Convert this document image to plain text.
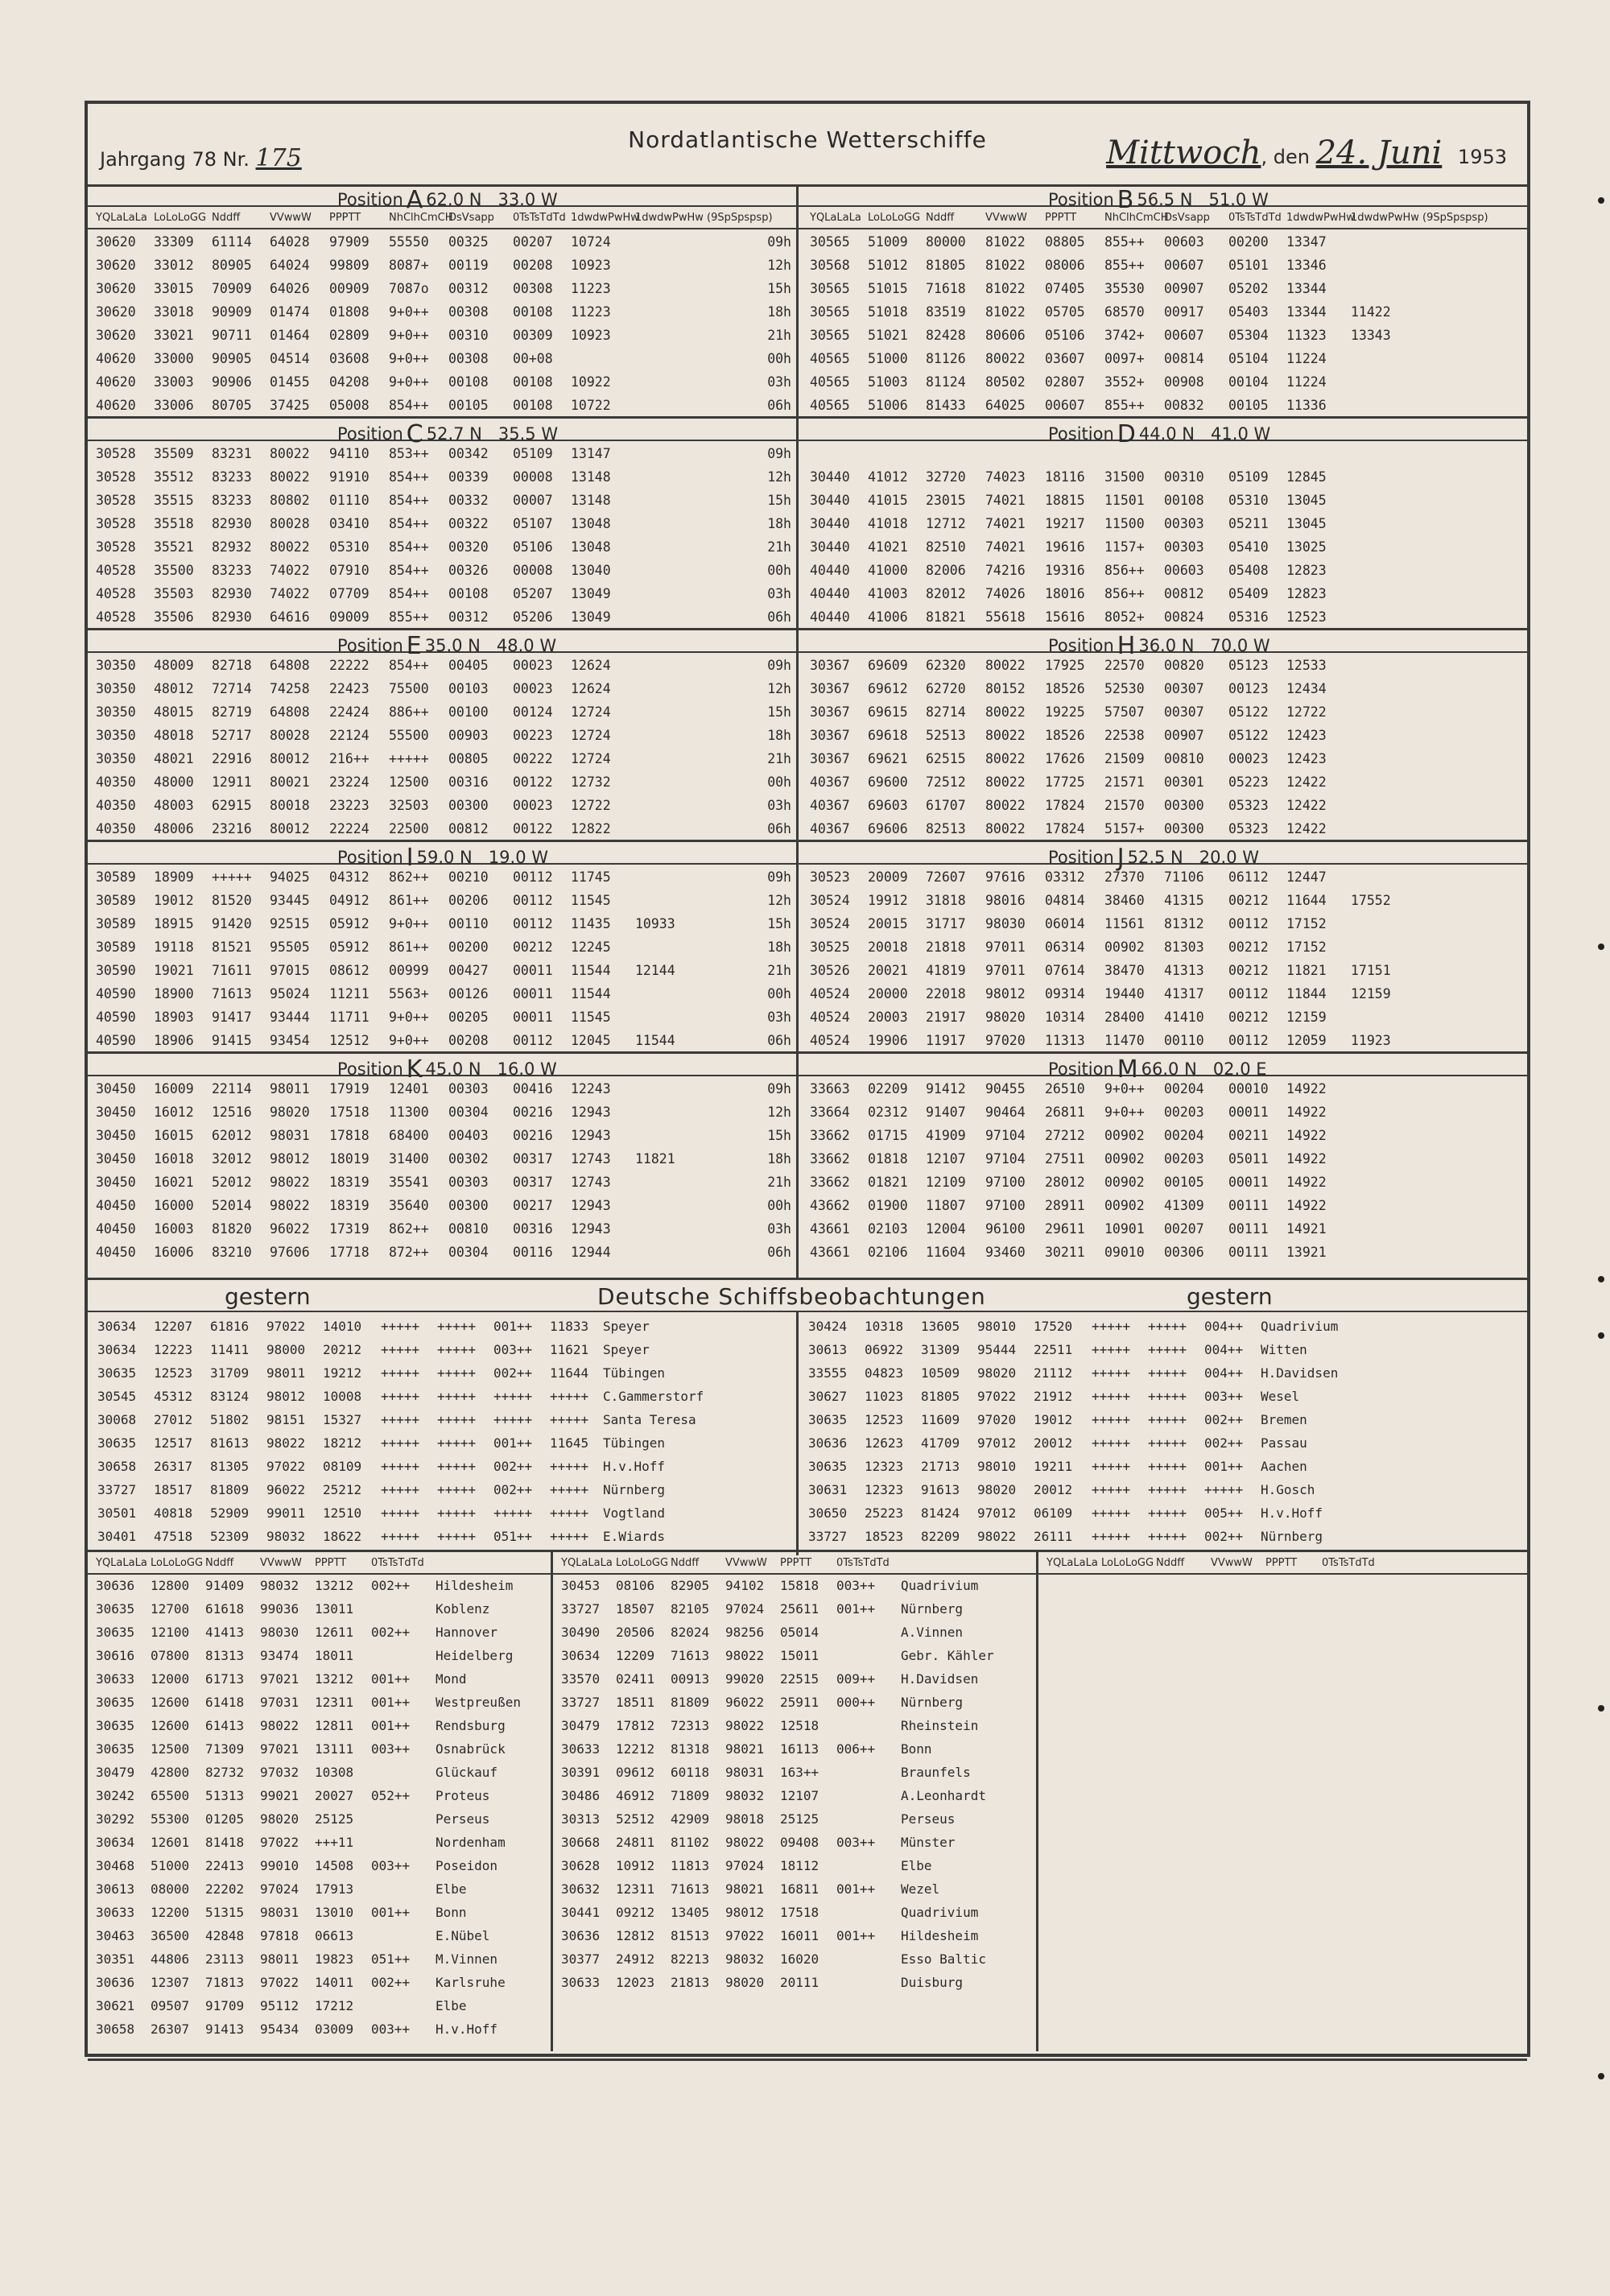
Jahrgang 78 Nr. 175
Nordatlantische Wetterschiffe	Mittwoch, den 24. Juni 1953
Position A 62.0 N   33.0 W
YQLaLaLa LoLoLoGG Nddff	VVwwW PPPTT	NhClhCmCH
DsVsapp 0TsTsTdTd 1dwdwPwHw
1dwdwPwHw (9SpSpspsp)
30620 33309 61114 64028 97909 55550 00325 00207 10724	09h
30620 33012 80905 64024 99809 8087+ 00119 00208 10923	12h
30620 33015 70909 64026 00909 7087o 00312 00308 11223	15h
30620 33018 90909 01474 01808 9+0++ 00308 00108 11223	18h
30620 33021 90711 01464 02809 9+0++ 00310 00309 10923	21h
40620 33000 90905 04514 03608 9+0++ 00308 00+08	00h
40620 33003 90906 01455 04208 9+0++ 00108 00108 10922	03h
40620 33006 80705 37425 05008 854++ 00105 00108 10722	06h
Position C 52.7 N   35.5 W
30528 35509 83231 80022 94110 853++ 00342 05109 13147	09h
30528 35512 83233 80022 91910 854++ 00339 00008 13148	12h
30528 35515 83233 80802 01110 854++ 00332 00007 13148	15h
30528 35518 82930 80028 03410 854++ 00322 05107 13048	18h
30528 35521 82932 80022 05310 854++ 00320 05106 13048	21h
40528 35500 83233 74022 07910 854++ 00326 00008 13040	00h
40528 35503 82930 74022 07709 854++ 00108 05207 13049	03h
40528 35506 82930 64616 09009 855++ 00312 05206 13049	06h
Position E 35.0 N   48.0 W
30350 48009 82718 64808 22222 854++ 00405 00023 12624	09h
30350 48012 72714 74258 22423 75500 00103 00023 12624	12h
30350 48015 82719 64808 22424 886++ 00100 00124 12724	15h
30350 48018 52717 80028 22124 55500 00903 00223 12724	18h
30350 48021 22916 80012 216++ +++++ 00805 00222 12724	21h
40350 48000 12911 80021 23224 12500 00316 00122 12732	00h
40350 48003 62915 80018 23223 32503 00300 00023 12722	03h
40350 48006 23216 80012 22224 22500 00812 00122 12822	06h
Position I 59.0 N   19.0 W
30589 18909 +++++ 94025 04312 862++ 00210 00112 11745	09h
30589 19012 81520 93445 04912 861++ 00206 00112 11545	12h
30589 18915 91420 92515 05912 9+0++ 00110 00112 11435 10933	15h
30589 19118 81521 95505 05912 861++ 00200 00212 12245	18h
30590 19021 71611 97015 08612 00999 00427 00011 11544 12144	21h
40590 18900 71613 95024 11211 5563+ 00126 00011 11544	00h
40590 18903 91417 93444 11711 9+0++ 00205 00011 11545	03h
40590 18906 91415 93454 12512 9+0++ 00208 00112 12045 11544	06h
Position K 45.0 N   16.0 W
30450 16009 22114 98011 17919 12401 00303 00416 12243	09h
30450 16012 12516 98020 17518 11300 00304 00216 12943	12h
30450 16015 62012 98031 17818 68400 00403 00216 12943	15h
30450 16018 32012 98012 18019 31400 00302 00317 12743 11821	18h
30450 16021 52012 98022 18319 35541 00303 00317 12743	21h
40450 16000 52014 98022 18319 35640 00300 00217 12943	00h
40450 16003 81820 96022 17319 862++ 00810 00316 12943	03h
40450 16006 83210 97606 17718 872++ 00304 00116 12944	06h
Position B 56.5 N   51.0 W
YQLaLaLa LoLoLoGG Nddff	VVwwW PPPTT	NhClhCmCH
DsVsapp 0TsTsTdTd 1dwdwPwHw
1dwdwPwHw (9SpSpspsp)
30565 51009 80000 81022 08805 855++ 00603 00200 13347
30568 51012 81805 81022 08006 855++ 00607 05101 13346
30565 51015 71618 81022 07405 35530 00907 05202 13344
30565 51018 83519 81022 05705 68570 00917 05403 13344 11422
30565 51021 82428 80606 05106 3742+ 00607 05304 11323 13343
40565 51000 81126 80022 03607 0097+ 00814 05104 11224
40565 51003 81124 80502 02807 3552+ 00908 00104 11224
40565 51006 81433 64025 00607 855++ 00832 00105 11336
Position D 44.0 N   41.0 W
30440 41012 32720 74023 18116 31500 00310 05109 12845
30440 41015 23015 74021 18815 11501 00108 05310 13045
30440 41018 12712 74021 19217 11500 00303 05211 13045
30440 41021 82510 74021 19616 1157+ 00303 05410 13025
40440 41000 82006 74216 19316 856++ 00603 05408 12823
40440 41003 82012 74026 18016 856++ 00812 05409 12823
40440 41006 81821 55618 15616 8052+ 00824 05316 12523
Position H 36.0 N   70.0 W
30367 69609 62320 80022 17925 22570 00820 05123 12533
30367 69612 62720 80152 18526 52530 00307 00123 12434
30367 69615 82714 80022 19225 57507 00307 05122 12722
30367 69618 52513 80022 18526 22538 00907 05122 12423
30367 69621 62515 80022 17626 21509 00810 00023 12423
40367 69600 72512 80022 17725 21571 00301 05223 12422
40367 69603 61707 80022 17824 21570 00300 05323 12422
40367 69606 82513 80022 17824 5157+ 00300 05323 12422
Position J 52.5 N   20.0 W
30523 20009 72607 97616 03312 27370 71106 06112 12447
30524 19912 31818 98016 04814 38460 41315 00212 11644 17552
30524 20015 31717 98030 06014 11561 81312 00112 17152
30525 20018 21818 97011 06314 00902 81303 00212 17152
30526 20021 41819 97011 07614 38470 41313 00212 11821 17151
40524 20000 22018 98012 09314 19440 41317 00112 11844 12159
40524 20003 21917 98020 10314 28400 41410 00212 12159
40524 19906 11917 97020 11313 11470 00110 00112 12059 11923
Position M 66.0 N   02.0 E
33663 02209 91412 90455 26510 9+0++ 00204 00010 14922
33664 02312 91407 90464 26811 9+0++ 00203 00011 14922
33662 01715 41909 97104 27212 00902 00204 00211 14922
33662 01818 12107 97104 27511 00902 00203 05011 14922
33662 01821 12109 97100 28012 00902 00105 00011 14922
43662 01900 11807 97100 28911 00902 41309 00111 14922
43661 02103 12004 96100 29611 10901 00207 00111 14921
43661 02106 11604 93460 30211 09010 00306 00111 13921
gestern	Deutsche Schiffsbeobachtungen	gestern
30634 12207 61816 97022 14010 +++++ +++++ 001++ 11833 Speyer
30634 12223 11411 98000 20212 +++++ +++++ 003++ 11621 Speyer
30635 12523 31709 98011 19212 +++++ +++++ 002++ 11644 Tübingen
30545 45312 83124 98012 10008 +++++ +++++ +++++ +++++ C.Gammerstorf
30068 27012 51802 98151 15327 +++++ +++++ +++++ +++++ Santa Teresa
30635 12517 81613 98022 18212 +++++ +++++ 001++ 11645 Tübingen
30658 26317 81305 97022 08109 +++++ +++++ 002++ +++++ H.v.Hoff
33727 18517 81809 96022 25212 +++++ +++++ 002++ +++++ Nürnberg
30501 40818 52909 99011 12510 +++++ +++++ +++++ +++++ Vogtland
30401 47518 52309 98032 18622 +++++ +++++ 051++ +++++ E.Wiards
30424 10318 13605 98010 17520 +++++ +++++ 004++ Quadrivium
30613 06922 31309 95444 22511 +++++ +++++ 004++ Witten
33555 04823 10509 98020 21112 +++++ +++++ 004++ H.Davidsen
30627 11023 81805 97022 21912 +++++ +++++ 003++ Wesel
30635 12523 11609 97020 19012 +++++ +++++ 002++ Bremen
30636 12623 41709 97012 20012 +++++ +++++ 002++ Passau
30635 12323 21713 98010 19211 +++++ +++++ 001++ Aachen
30631 12323 91613 98020 20012 +++++ +++++ +++++ H.Gosch
30650 25223 81424 97012 06109 +++++ +++++ 005++ H.v.Hoff
33727 18523 82209 98022 26111 +++++ +++++ 002++ Nürnberg
YQLaLaLa LoLoLoGG Nddff	VVwwW PPPTT 0TsTsTdTd
30636 12800 91409 98032 13212 002++ Hildesheim
30635 12700 61618 99036 13011	Koblenz
30635 12100 41413 98030 12611 002++ Hannover
30616 07800 81313 93474 18011	Heidelberg
30633 12000 61713 97021 13212 001++ Mond
30635 12600 61418 97031 12311 001++ Westpreußen
30635 12600 61413 98022 12811 001++ Rendsburg
30635 12500 71309 97021 13111 003++ Osnabrück
30479 42800 82732 97032 10308	Glückauf
30242 65500 51313 99021 20027 052++ Proteus
30292 55300 01205 98020 25125	Perseus
30634 12601 81418 97022 +++11	Nordenham
30468 51000 22413 99010 14508 003++ Poseidon
30613 08000 22202 97024 17913	Elbe
30633 12200 51315 98031 13010 001++ Bonn
30463 36500 42848 97818 06613	E.Nübel
30351 44806 23113 98011 19823 051++ M.Vinnen
30636 12307 71813 97022 14011 002++ Karlsruhe
30621 09507 91709 95112 17212	Elbe
30658 26307 91413 95434 03009 003++ H.v.Hoff
YQLaLaLa LoLoLoGG Nddff	VVwwW PPPTT 0TsTsTdTd
30453 08106 82905 94102 15818 003++ Quadrivium
33727 18507 82105 97024 25611 001++ Nürnberg
30490 20506 82024 98256 05014	A.Vinnen
30634 12209 71613 98022 15011	Gebr. Kähler
33570 02411 00913 99020 22515 009++ H.Davidsen
33727 18511 81809 96022 25911 000++ Nürnberg
30479 17812 72313 98022 12518	Rheinstein
30633 12212 81318 98021 16113 006++ Bonn
30391 09612 60118 98031 163++	Braunfels
30486 46912 71809 98032 12107	A.Leonhardt
30313 52512 42909 98018 25125	Perseus
30668 24811 81102 98022 09408 003++ Münster
30628 10912 11813 97024 18112	Elbe
30632 12311 71613 98021 16811 001++ Wezel
30441 09212 13405 98012 17518	Quadrivium
30636 12812 81513 97022 16011 001++ Hildesheim
30377 24912 82213 98032 16020	Esso Baltic
30633 12023 21813 98020 20111	Duisburg
YQLaLaLa LoLoLoGG Nddff	VVwwW PPPTT 0TsTsTdTd
